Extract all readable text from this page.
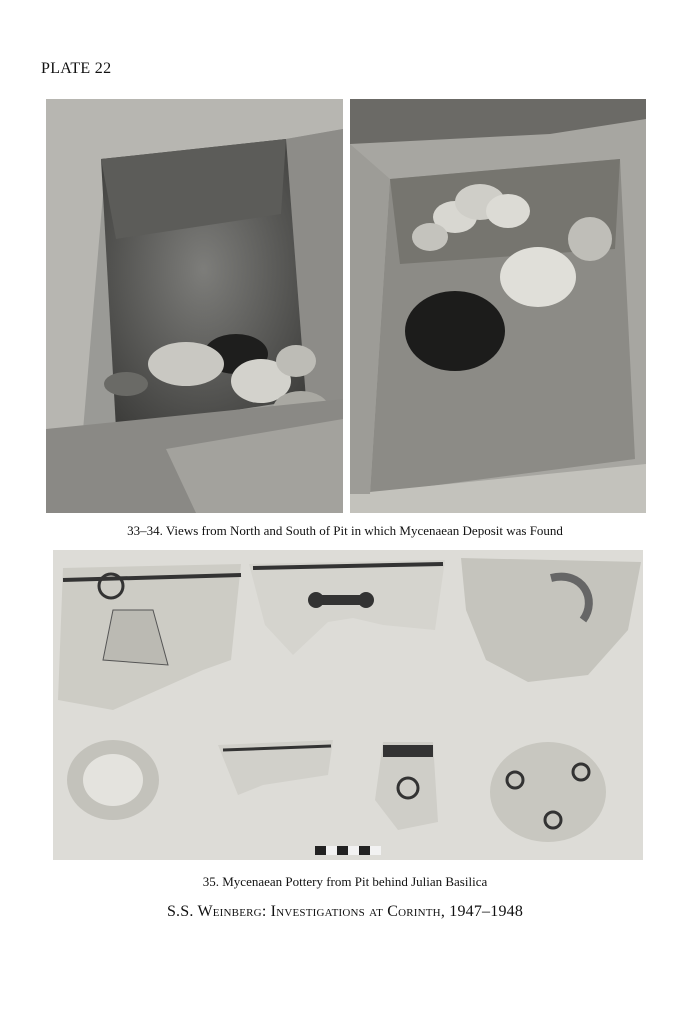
PLATE 22
33–34. Views from North and South of Pit in which Mycenaean Deposit was Found
35. Mycenaean Pottery from Pit behind Julian Basilica
S.S. Weinberg: Investigations at Corinth, 1947–1948
